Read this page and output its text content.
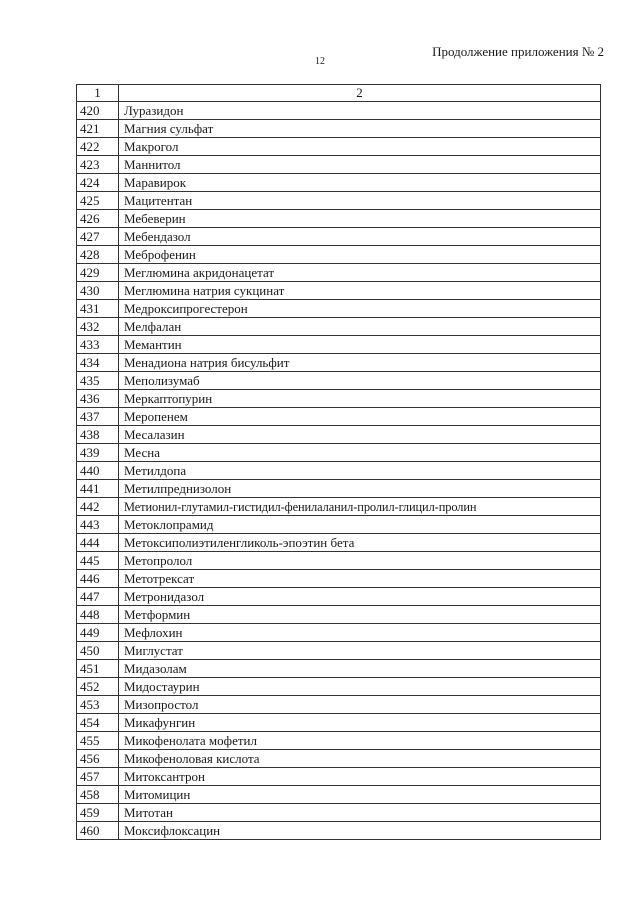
Продолжение приложения № 2
12
1	2
420	Луразидон
421	Магния сульфат
422	Макрогол
423	Маннитол
424	Маравирок
425	Мацитентан
426	Мебеверин
427	Мебендазол
428	Меброфенин
429	Меглюмина акридонацетат
430	Меглюмина натрия сукцинат
431	Медроксипрогестерон
432	Мелфалан
433	Мемантин
434	Менадиона натрия бисульфит
435	Меполизумаб
436	Меркаптопурин
437	Меропенем
438	Месалазин
439	Месна
440	Метилдопа
441	Метилпреднизолон
442	Метионил-глутамил-гистидил-фенилаланил-пролил-глицил-пролин
443	Метоклопрамид
444	Метоксиполиэтиленгликоль-эпоэтин бета
445	Метопролол
446	Метотрексат
447	Метронидазол
448	Метформин
449	Мефлохин
450	Миглустат
451	Мидазолам
452	Мидостаурин
453	Мизопростол
454	Микафунгин
455	Микофенолата мофетил
456	Микофеноловая кислота
457	Митоксантрон
458	Митомицин
459	Митотан
460	Моксифлоксацин
